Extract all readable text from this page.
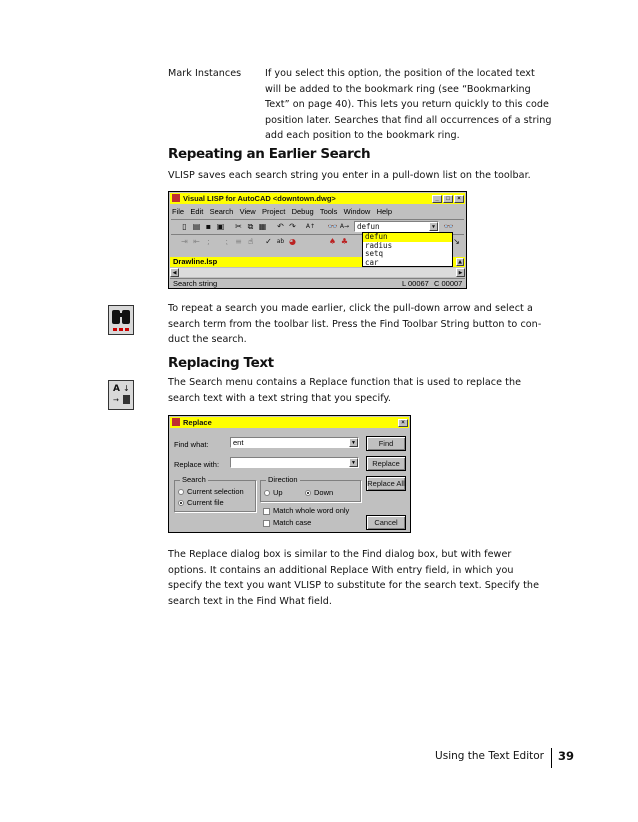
Mark Instances If you select this option, the position of the located text
will be added to the bookmark ring (see “Bookmarking
Text” on page 40). This lets you return quickly to this code
position later. Searches that find all occurrences of a string
add each position to the bookmark ring.
Repeating an Earlier Search
VLISP saves each search string you enter in a pull-down list on the toolbar.
Visual LISP for AutoCAD <downtown.dwg>	_	□	×
File Edit Search View Project Debug Tools Window Help
▯ ▤ ▪ ▣ ✂ ⧉ ▦ ↶ ↷	A↑ 👓 A→	defun	▼	👓
⇥ ⇤ ;	⁏ ≡ ☝	✓ ab ◕	♠ ♣	↘
defun
radius
setq
car
Drawline.lsp	▲
◀	▶
Search string	L 00067 C 00007
To repeat a search you made earlier, click the pull-down arrow and select a
search term from the toolbar list. Press the Find Toolbar String button to con-
duct the search.
Replacing Text
A ↓
→
The Search menu contains a Replace function that is used to replace the
search text with a text string that you specify.
Replace	×
Find what:	ent	▼
Replace with:	▼
Search
Current selection
Current file
Direction
Up	Down
Match whole word only
Match case
Find
Replace
Replace All
Cancel
The Replace dialog box is similar to the Find dialog box, but with fewer
options. It contains an additional Replace With entry field, in which you
specify the text you want VLISP to substitute for the search text. Specify the
search text in the Find What field.
Using the Text Editor 39
